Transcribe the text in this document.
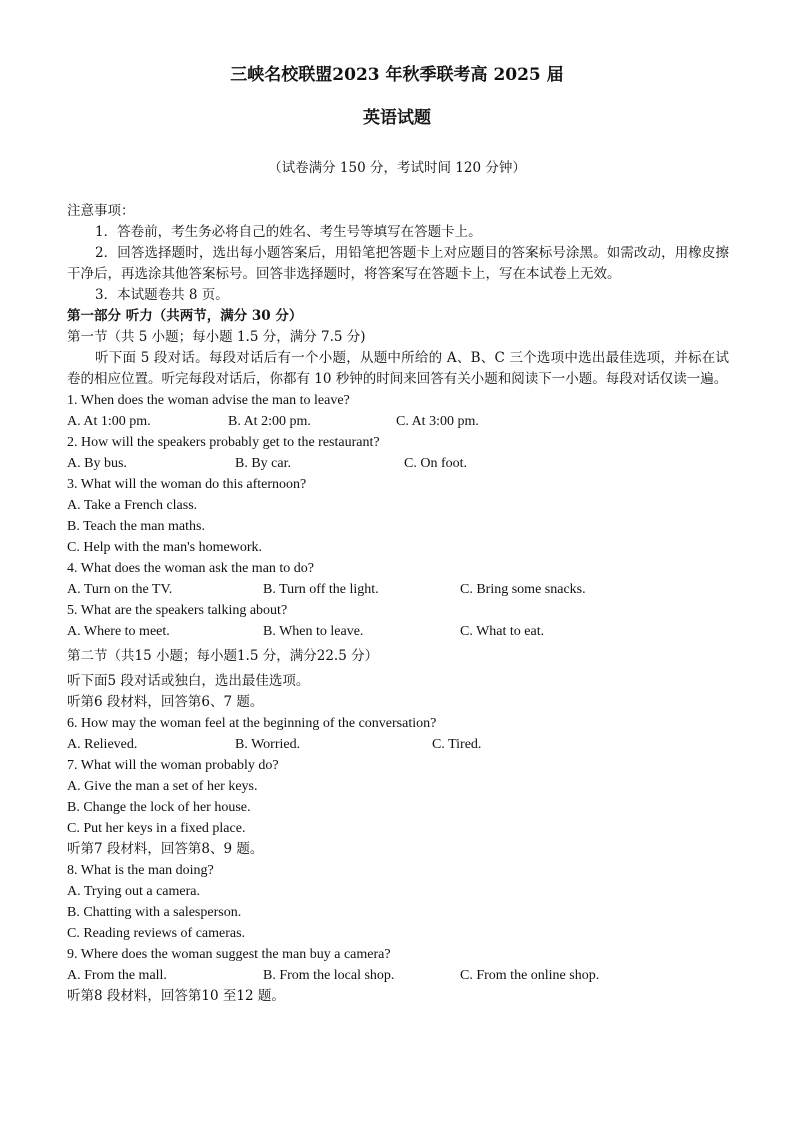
三峡名校联盟2023 年秋季联考高 2025 届
英语试题
（试卷满分 150 分，考试时间 120 分钟）
注意事项：
1．答卷前，考生务必将自己的姓名、考生号等填写在答题卡上。
2．回答选择题时，选出每小题答案后，用铅笔把答题卡上对应题目的答案标号涂黑。如需改动，用橡皮擦干净后，再选涂其他答案标号。回答非选择题时，将答案写在答题卡上，写在本试卷上无效。
3．本试题卷共 8 页。
第一部分 听力（共两节，满分 30 分）
第一节（共 5 小题；每小题 1.5 分，满分 7.5 分)
听下面 5 段对话。每段对话后有一个小题，从题中所给的 A、B、C 三个选项中选出最佳选项，并标在试卷的相应位置。听完每段对话后，你都有 10 秒钟的时间来回答有关小题和阅读下一小题。每段对话仅读一遍。
1. When does the woman advise the man to leave?
A. At 1:00 pm.	B. At 2:00 pm.	C. At 3:00 pm.
2. How will the speakers probably get to the restaurant?
A. By bus.	B. By car.	C. On foot.
3. What will the woman do this afternoon?
A. Take a French class.
B. Teach the man maths.
C. Help with the man's homework.
4. What does the woman ask the man to do?
A. Turn on the TV.	B. Turn off the light.	C. Bring some snacks.
5. What are the speakers talking about?
A. Where to meet.	B. When to leave.	C. What to eat.
第二节（共15 小题；每小题1.5 分，满分22.5 分）
听下面5 段对话或独白，选出最佳选项。
听第6 段材料，回答第6、7 题。
6. How may the woman feel at the beginning of the conversation?
A. Relieved.	B. Worried.	C. Tired.
7. What will the woman probably do?
A. Give the man a set of her keys.
B. Change the lock of her house.
C. Put her keys in a fixed place.
听第7 段材料，回答第8、9 题。
8. What is the man doing?
A. Trying out a camera.
B. Chatting with a salesperson.
C. Reading reviews of cameras.
9. Where does the woman suggest the man buy a camera?
A. From the mall.	B. From the local shop.	C. From the online shop.
听第8 段材料，回答第10 至12 题。
